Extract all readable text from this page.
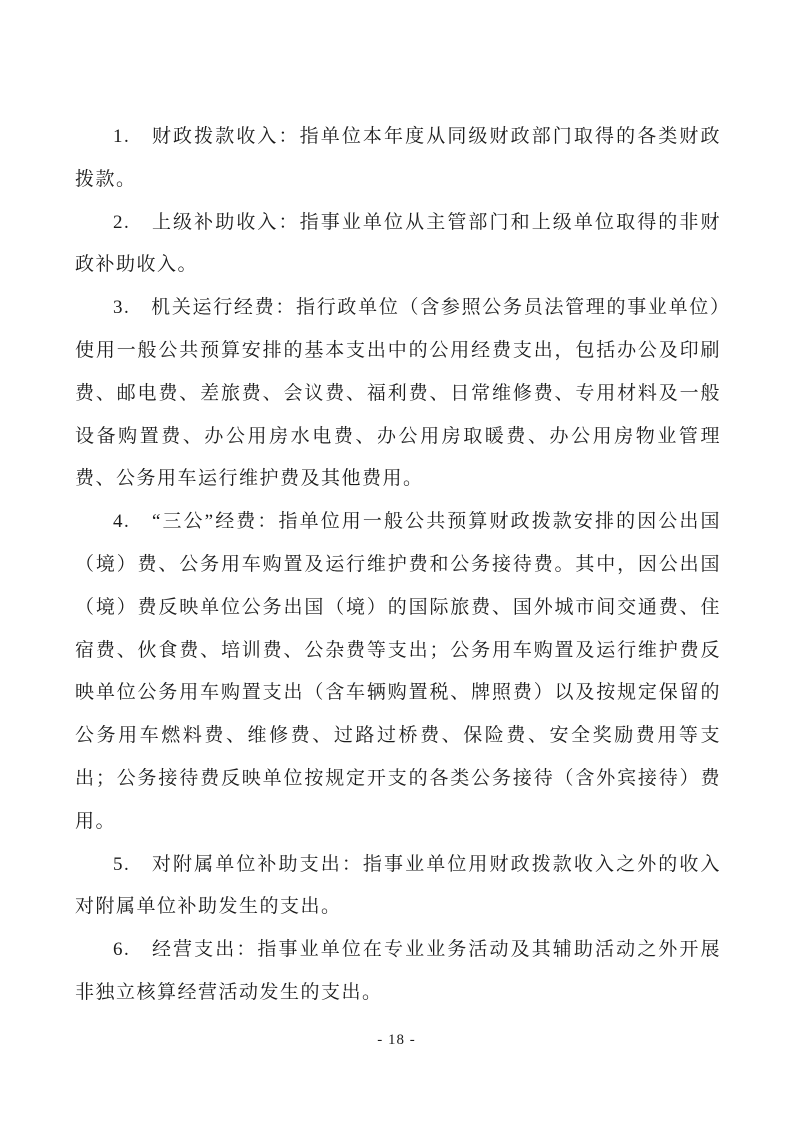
1.　财政拨款收入：指单位本年度从同级财政部门取得的各类财政拨款。

2.　上级补助收入：指事业单位从主管部门和上级单位取得的非财政补助收入。

3.　机关运行经费：指行政单位（含参照公务员法管理的事业单位）使用一般公共预算安排的基本支出中的公用经费支出，包括办公及印刷费、邮电费、差旅费、会议费、福利费、日常维修费、专用材料及一般设备购置费、办公用房水电费、办公用房取暖费、办公用房物业管理费、公务用车运行维护费及其他费用。

4.　“三公”经费：指单位用一般公共预算财政拨款安排的因公出国（境）费、公务用车购置及运行维护费和公务接待费。其中，因公出国（境）费反映单位公务出国（境）的国际旅费、国外城市间交通费、住宿费、伙食费、培训费、公杂费等支出；公务用车购置及运行维护费反映单位公务用车购置支出（含车辆购置税、牌照费）以及按规定保留的公务用车燃料费、维修费、过路过桥费、保险费、安全奖励费用等支出；公务接待费反映单位按规定开支的各类公务接待（含外宾接待）费用。

5.　对附属单位补助支出：指事业单位用财政拨款收入之外的收入对附属单位补助发生的支出。

6.　经营支出：指事业单位在专业业务活动及其辅助活动之外开展非独立核算经营活动发生的支出。

- 18 -
